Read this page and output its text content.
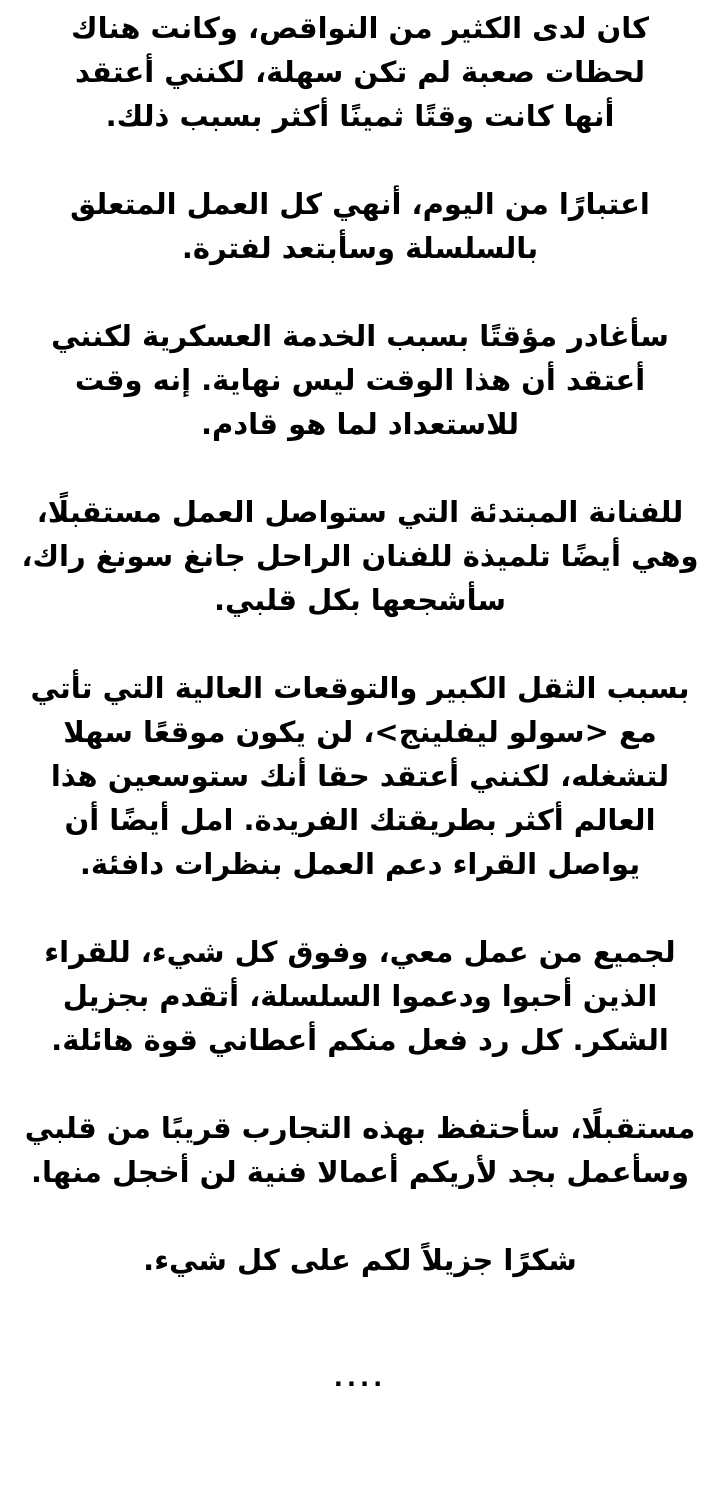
كان لدى الكثير من النواقص، وكانت هناك
لحظات صعبة لم تكن سهلة، لكنني أعتقد
أنها كانت وقتًا ثمينًا أكثر بسبب ذلك.
اعتبارًا من اليوم، أنهي كل العمل المتعلق
بالسلسلة وسأبتعد لفترة.
سأغادر مؤقتًا بسبب الخدمة العسكرية لكنني
أعتقد أن هذا الوقت ليس نهاية. إنه وقت
للاستعداد لما هو قادم.
للفنانة المبتدئة التي ستواصل العمل مستقبلًا،
وهي أيضًا تلميذة للفنان الراحل جانغ سونغ راك،
سأشجعها بكل قلبي.
بسبب الثقل الكبير والتوقعات العالية التي تأتي
مع <سولو ليفلينج>، لن يكون موقعًا سهلا
لتشغله، لكنني أعتقد حقا أنك ستوسعين هذا
العالم أكثر بطريقتك الفريدة. امل أيضًا أن
يواصل القراء دعم العمل بنظرات دافئة.
لجميع من عمل معي، وفوق كل شيء، للقراء
الذين أحبوا ودعموا السلسلة، أتقدم بجزيل
الشكر. كل رد فعل منكم أعطاني قوة هائلة.
مستقبلًا، سأحتفظ بهذه التجارب قريبًا من قلبي
وسأعمل بجد لأريكم أعمالا فنية لن أخجل منها.
شكرًا جزيلاً لكم على كل شيء.
....
